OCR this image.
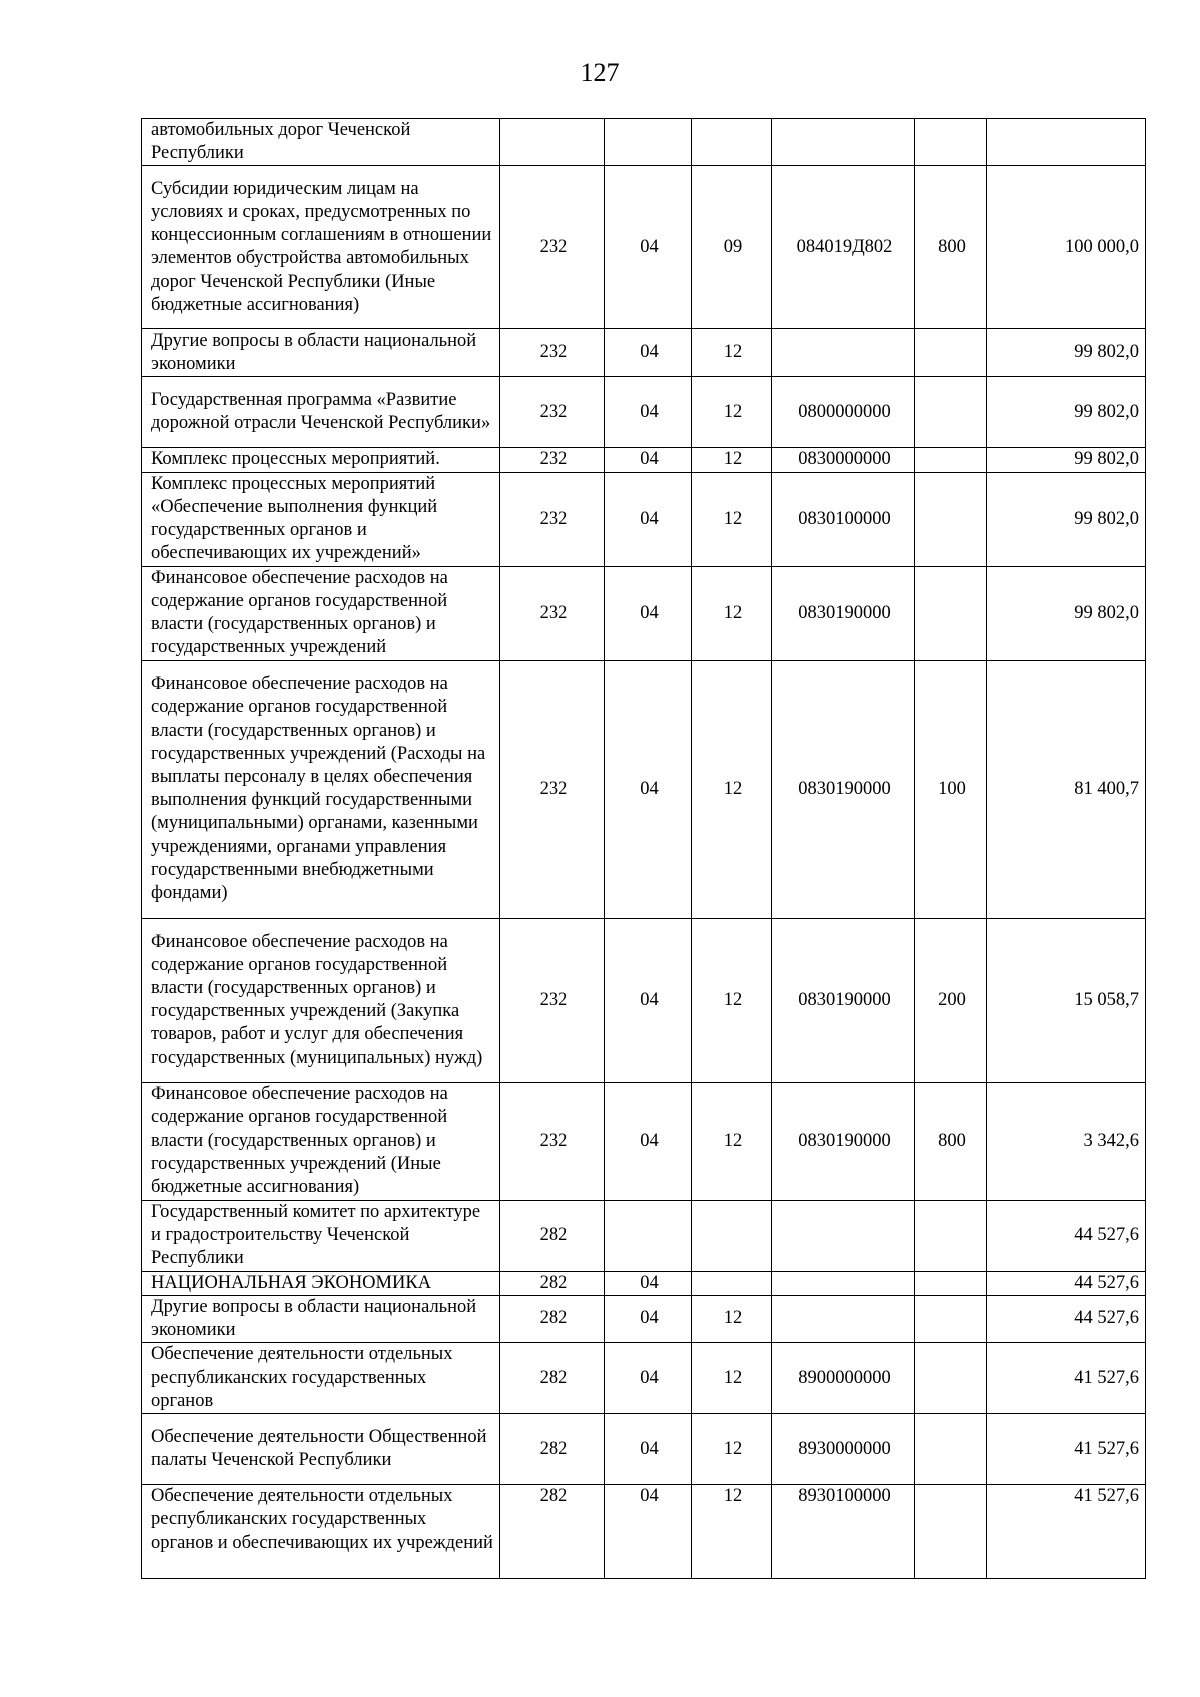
127
автомобильных дорог Чеченской Республики						
Субсидии юридическим лицам на условиях и сроках, предусмотренных по концессионным соглашениям в отношении элементов обустройства автомобильных дорог Чеченской Республики (Иные бюджетные ассигнования)	232	04	09	084019Д802	800	100 000,0
Другие вопросы в области национальной экономики	232	04	12			99 802,0
Государственная программа «Развитие дорожной отрасли Чеченской Республики»	232	04	12	0800000000		99 802,0
Комплекс процессных мероприятий.	232	04	12	0830000000		99 802,0
Комплекс процессных мероприятий «Обеспечение выполнения функций государственных органов и обеспечивающих их учреждений»	232	04	12	0830100000		99 802,0
Финансовое обеспечение расходов на содержание органов государственной власти (государственных органов) и государственных учреждений	232	04	12	0830190000		99 802,0
Финансовое обеспечение расходов на содержание органов государственной власти (государственных органов) и государственных учреждений (Расходы на выплаты персоналу в целях обеспечения выполнения функций государственными (муниципальными) органами, казенными учреждениями, органами управления государственными внебюджетными фондами)	232	04	12	0830190000	100	81 400,7
Финансовое обеспечение расходов на содержание органов государственной власти (государственных органов) и государственных учреждений (Закупка товаров, работ и услуг для обеспечения государственных (муниципальных) нужд)	232	04	12	0830190000	200	15 058,7
Финансовое обеспечение расходов на содержание органов государственной власти (государственных органов) и государственных учреждений (Иные бюджетные ассигнования)	232	04	12	0830190000	800	3 342,6
Государственный комитет по архитектуре и градостроительству Чеченской Республики	282					44 527,6
НАЦИОНАЛЬНАЯ ЭКОНОМИКА	282	04				44 527,6
Другие вопросы в области национальной экономики	282	04	12			44 527,6
Обеспечение деятельности отдельных республиканских государственных органов	282	04	12	8900000000		41 527,6
Обеспечение деятельности Общественной палаты Чеченской Республики	282	04	12	8930000000		41 527,6
Обеспечение деятельности отдельных республиканских государственных органов и обеспечивающих их учреждений	282	04	12	8930100000		41 527,6
